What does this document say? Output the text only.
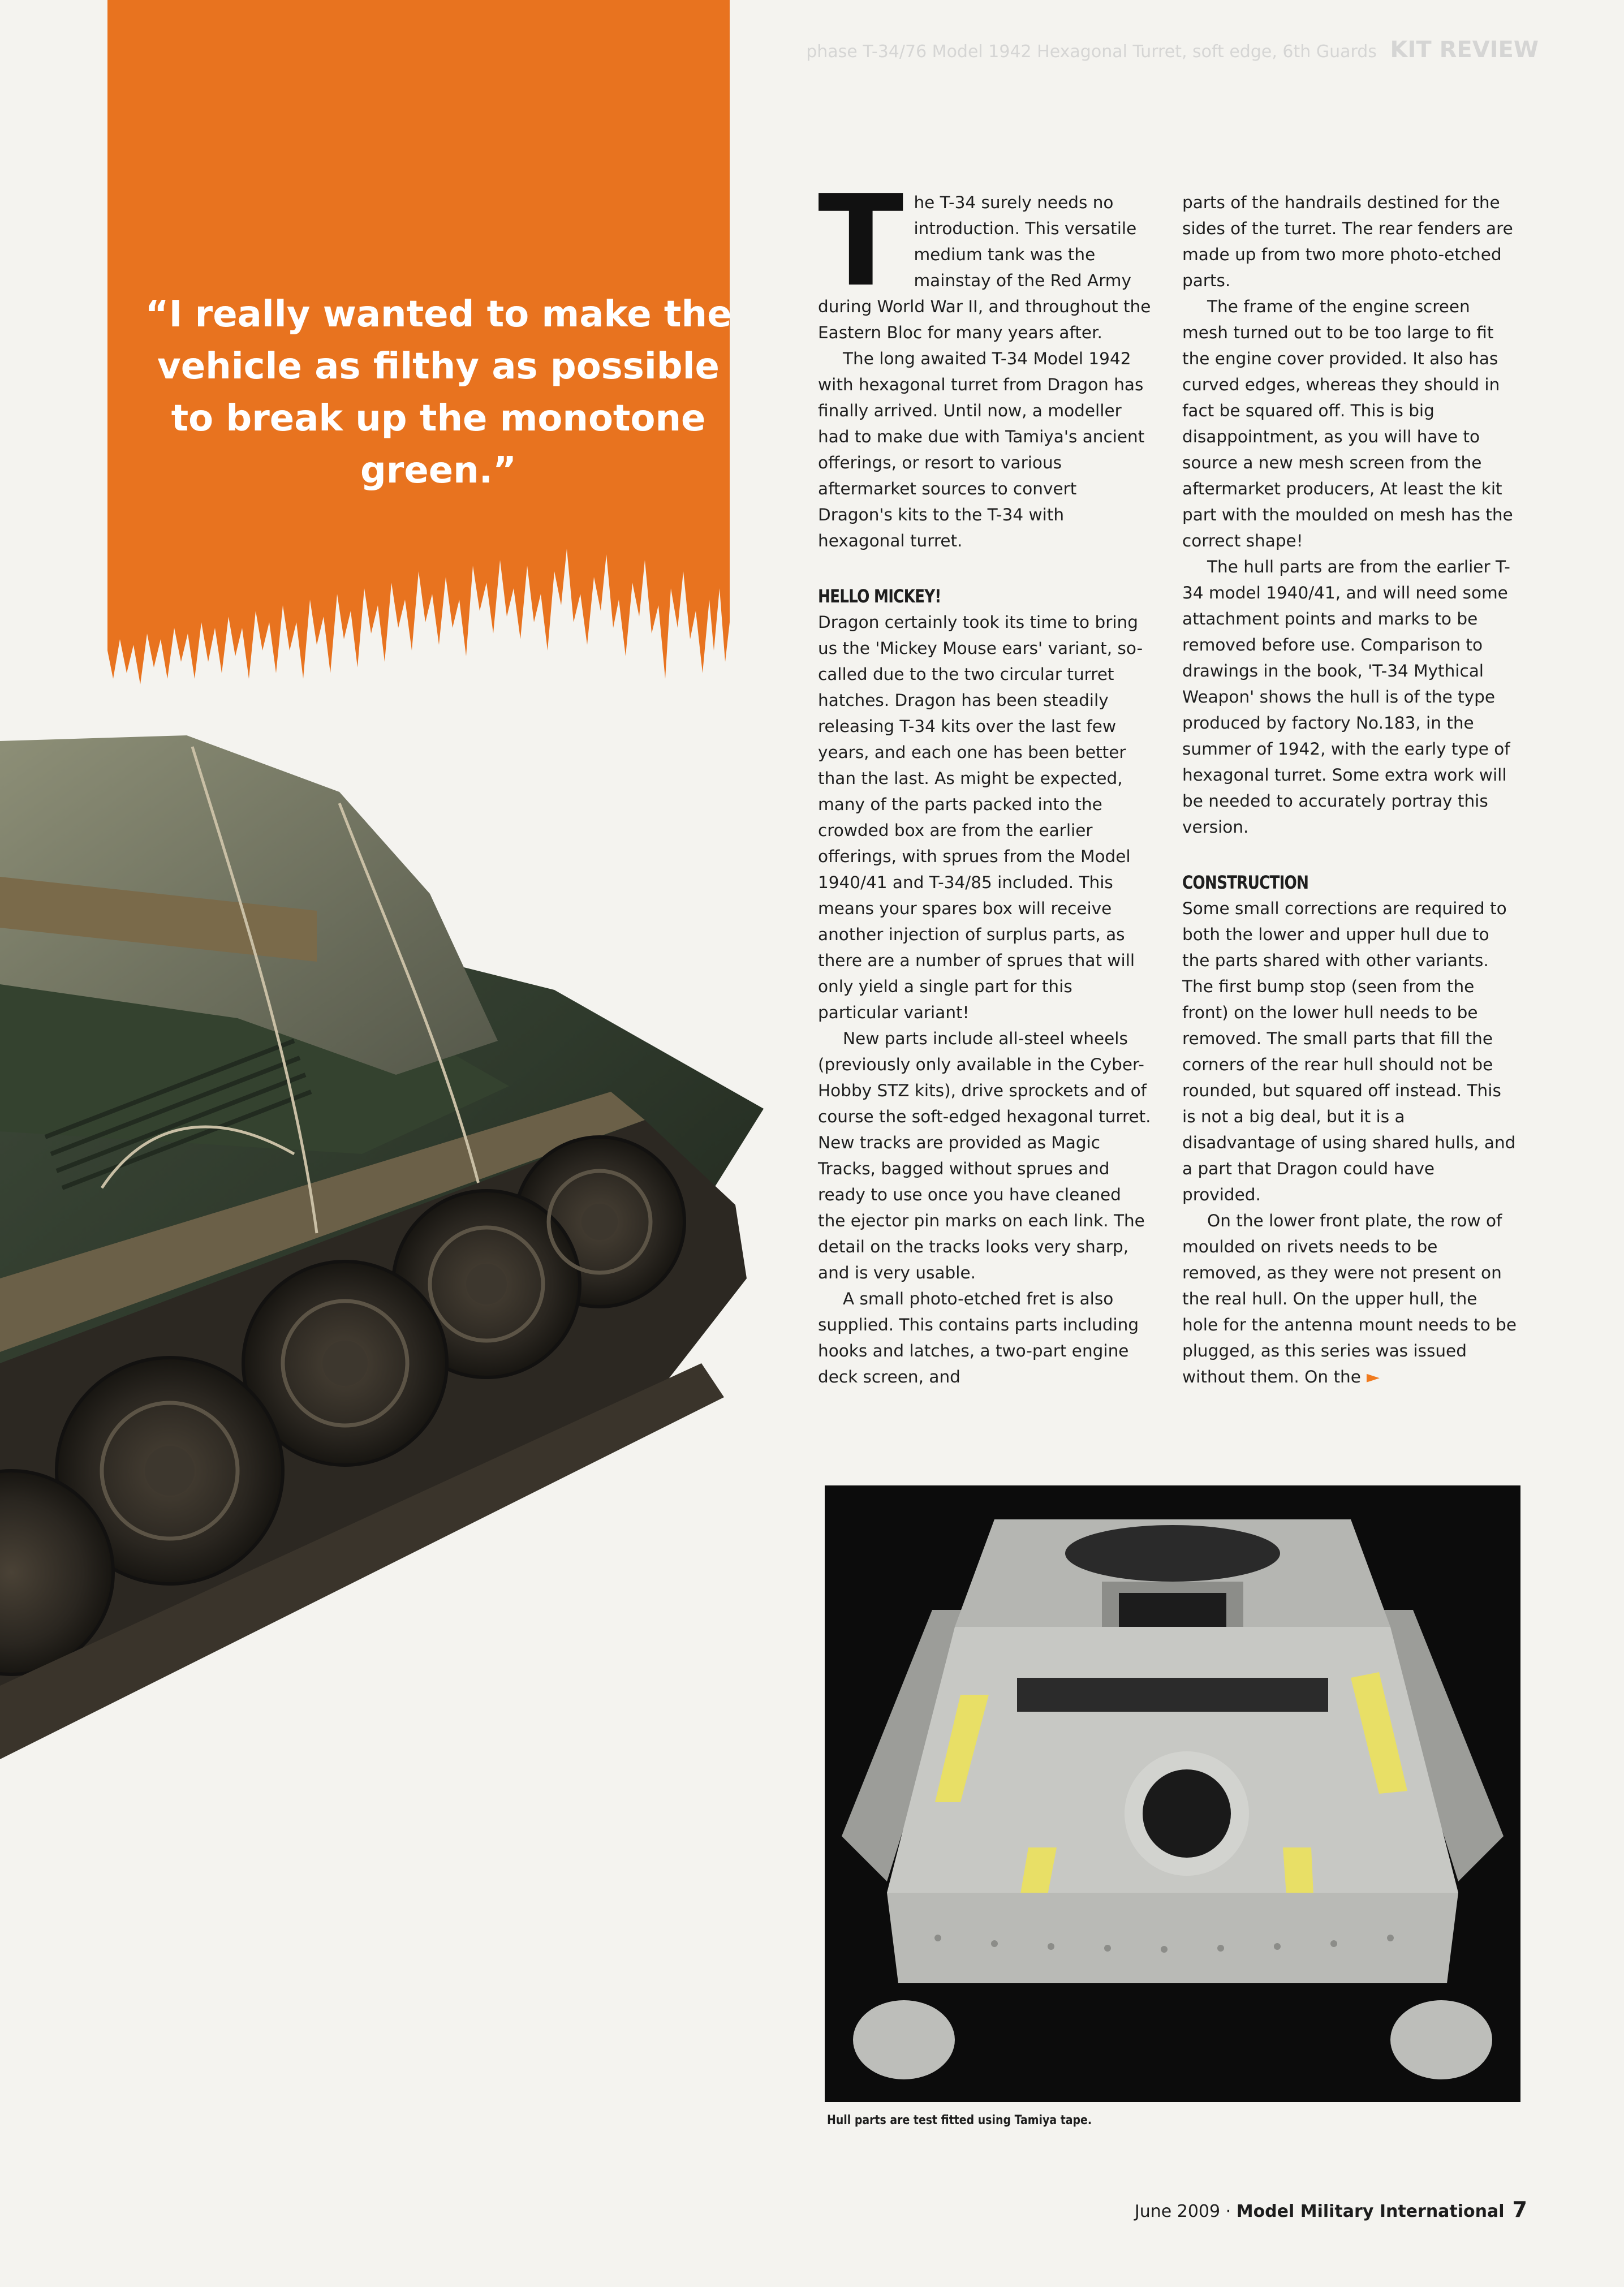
phase T-34/76 Model 1942 Hexagonal Turret, soft edge, 6th Guards KIT REVIEW
“I really wanted to make the vehicle as filthy as possible to break up the monotone green.”
T he T-34 surely needs no introduction. This versatile medium tank was the mainstay of the Red Army during World War II, and throughout the Eastern Bloc for many years after.

The long awaited T-34 Model 1942 with hexagonal turret from Dragon has finally arrived. Until now, a modeller had to make due with Tamiya's ancient offerings, or resort to various aftermarket sources to convert Dragon's kits to the T-34 with hexagonal turret.

HELLO MICKEY!

Dragon certainly took its time to bring us the 'Mickey Mouse ears' variant, so-called due to the two circular turret hatches. Dragon has been steadily releasing T-34 kits over the last few years, and each one has been better than the last. As might be expected, many of the parts packed into the crowded box are from the earlier offerings, with sprues from the Model 1940/41 and T-34/85 included. This means your spares box will receive another injection of surplus parts, as there are a number of sprues that will only yield a single part for this particular variant!

New parts include all-steel wheels (previously only available in the Cyber-Hobby STZ kits), drive sprockets and of course the soft-edged hexagonal turret. New tracks are provided as Magic Tracks, bagged without sprues and ready to use once you have cleaned the ejector pin marks on each link. The detail on the tracks looks very sharp, and is very usable.

A small photo-etched fret is also supplied. This contains parts including hooks and latches, a two-part engine deck screen, and

parts of the handrails destined for the sides of the turret. The rear fenders are made up from two more photo-etched parts.

The frame of the engine screen mesh turned out to be too large to fit the engine cover provided. It also has curved edges, whereas they should in fact be squared off. This is big disappointment, as you will have to source a new mesh screen from the aftermarket producers, At least the kit part with the moulded on mesh has the correct shape!

The hull parts are from the earlier T-34 model 1940/41, and will need some attachment points and marks to be removed before use. Comparison to drawings in the book, 'T-34 Mythical Weapon' shows the hull is of the type produced by factory No.183, in the summer of 1942, with the early type of hexagonal turret. Some extra work will be needed to accurately portray this version.

CONSTRUCTION

Some small corrections are required to both the lower and upper hull due to the parts shared with other variants. The first bump stop (seen from the front) on the lower hull needs to be removed. The small parts that fill the corners of the rear hull should not be rounded, but squared off instead. This is not a big deal, but it is a disadvantage of using shared hulls, and a part that Dragon could have provided.

On the lower front plate, the row of moulded on rivets needs to be removed, as they were not present on the real hull. On the upper hull, the hole for the antenna mount needs to be plugged, as this series was issued without them. On the ►

Hull parts are test fitted using Tamiya tape.
June 2009 · Model Military International 7
